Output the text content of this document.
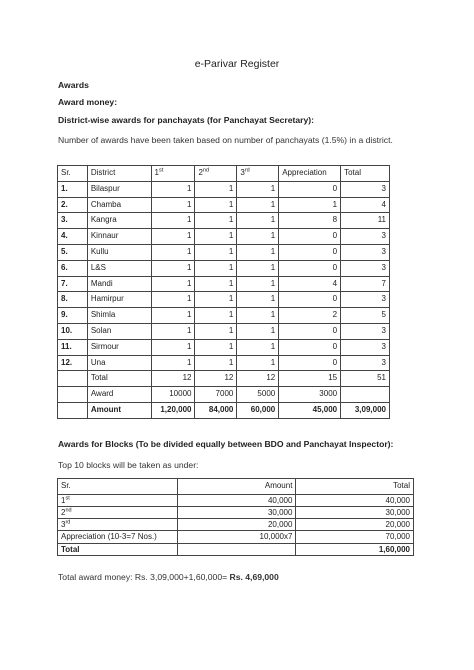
e-Parivar Register
Awards
Award money:
District-wise awards for panchayats (for Panchayat Secretary):
Number of awards have been taken based on number of panchayats (1.5%) in a district.
Sr.	District	1st	2nd	3rd	Appreciation	Total
1.	Bilaspur	1	1	1	0	3
2.	Chamba	1	1	1	1	4
3.	Kangra	1	1	1	8	11
4.	Kinnaur	1	1	1	0	3
5.	Kullu	1	1	1	0	3
6.	L&S	1	1	1	0	3
7.	Mandi	1	1	1	4	7
8.	Hamirpur	1	1	1	0	3
9.	Shimla	1	1	1	2	5
10.	Solan	1	1	1	0	3
11.	Sirmour	1	1	1	0	3
12.	Una	1	1	1	0	3
	Total	12	12	12	15	51
	Award	10000	7000	5000	3000	
	Amount	1,20,000	84,000	60,000	45,000	3,09,000
Awards for Blocks (To be divided equally between BDO and Panchayat Inspector):
Top 10 blocks will be taken as under:
Sr.	Amount	Total
1st	40,000	40,000
2nd	30,000	30,000
3rd	20,000	20,000
Appreciation (10-3=7 Nos.)	10,000x7	70,000
Total		1,60,000
Total award money: Rs. 3,09,000+1,60,000= Rs. 4,69,000
